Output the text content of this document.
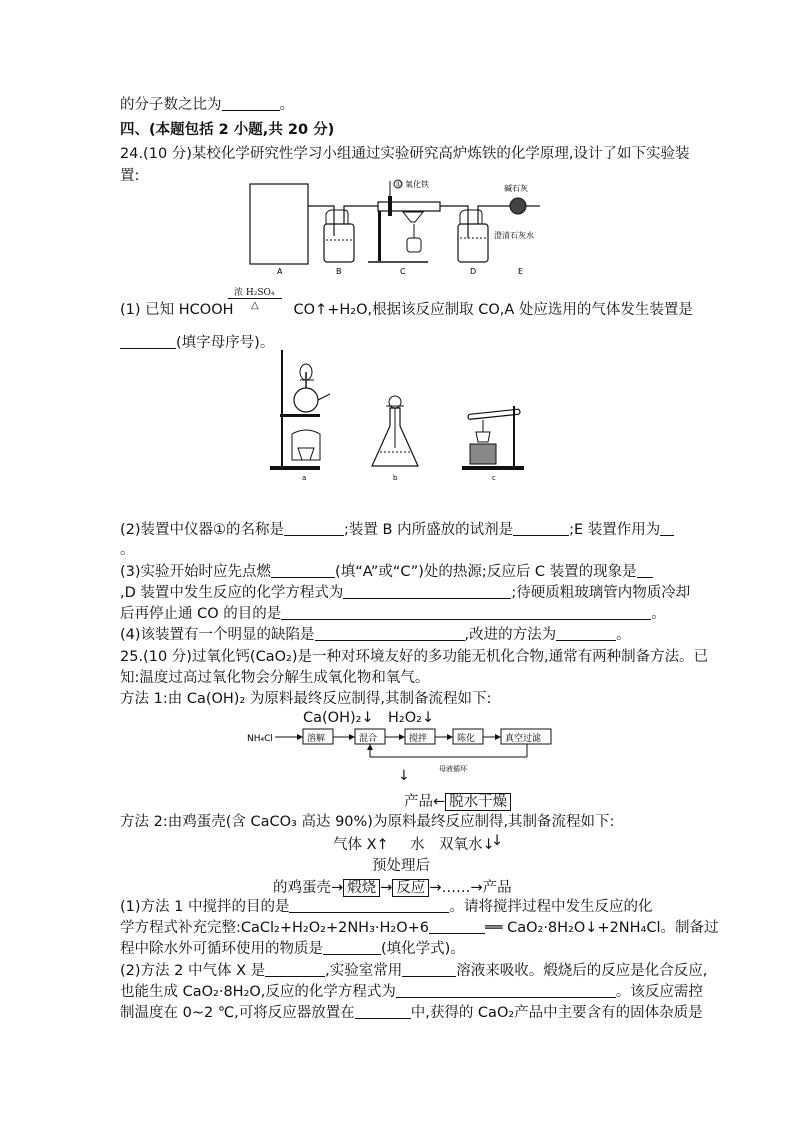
的分子数之比为	。
四、(本题包括 2 小题,共 20 分)
24.(10 分)某校化学研究性学习小组通过实验研究高炉炼铁的化学原理,设计了如下实验装
置:
① 氧化铁	碱石灰
澄清石灰水
A	B	C	D	E
浓 H₂SO₄
△
(1) 已知 HCOOH	CO↑+H₂O,根据该反应制取 CO,A 处应选用的气体发生装置是
(填字母序号)。
a	b	c
(2)装置中仪器①的名称是	;装置 B 内所盛放的试剂是	;E 装置作用为
。
(3)实验开始时应先点燃	(填“A”或“C”)处的热源;反应后 C 装置的现象是
,D 装置中发生反应的化学方程式为	;待硬质粗玻璃管内物质冷却
后再停止通 CO 的目的是	。
(4)该装置有一个明显的缺陷是	,改进的方法为	。
25.(10 分)过氧化钙(CaO₂)是一种对环境友好的多功能无机化合物,通常有两种制备方法。已
知:温度过高过氧化物会分解生成氧化物和氧气。
方法 1:由 Ca(OH)₂ 为原料最终反应制得,其制备流程如下:
Ca(OH)₂↓ H₂O₂↓
NH₄Cl	溶解	混合	搅拌	陈化	真空过滤
母液循环
↓
产品← 脱水干燥
方法 2:由鸡蛋壳(含 CaCO₃ 高达 90%)为原料最终反应制得,其制备流程如下:
气体 X↑ 水 双氧水↓
↓
预处理后
的鸡蛋壳→ 煅烧 → 反应 →……→产品
(1)方法 1 中搅拌的目的是	。请将搅拌过程中发生反应的化
学方程式补充完整:CaCl₂+H₂O₂+2NH₃·H₂O+6	══ CaO₂·8H₂O↓+2NH₄Cl。制备过
程中除水外可循环使用的物质是	(填化学式)。
(2)方法 2 中气体 X 是	,实验室常用	溶液来吸收。煅烧后的反应是化合反应,
也能生成 CaO₂·8H₂O,反应的化学方程式为	。该反应需控
制温度在 0~2 ℃,可将反应器放置在	中,获得的 CaO₂产品中主要含有的固体杂质是
